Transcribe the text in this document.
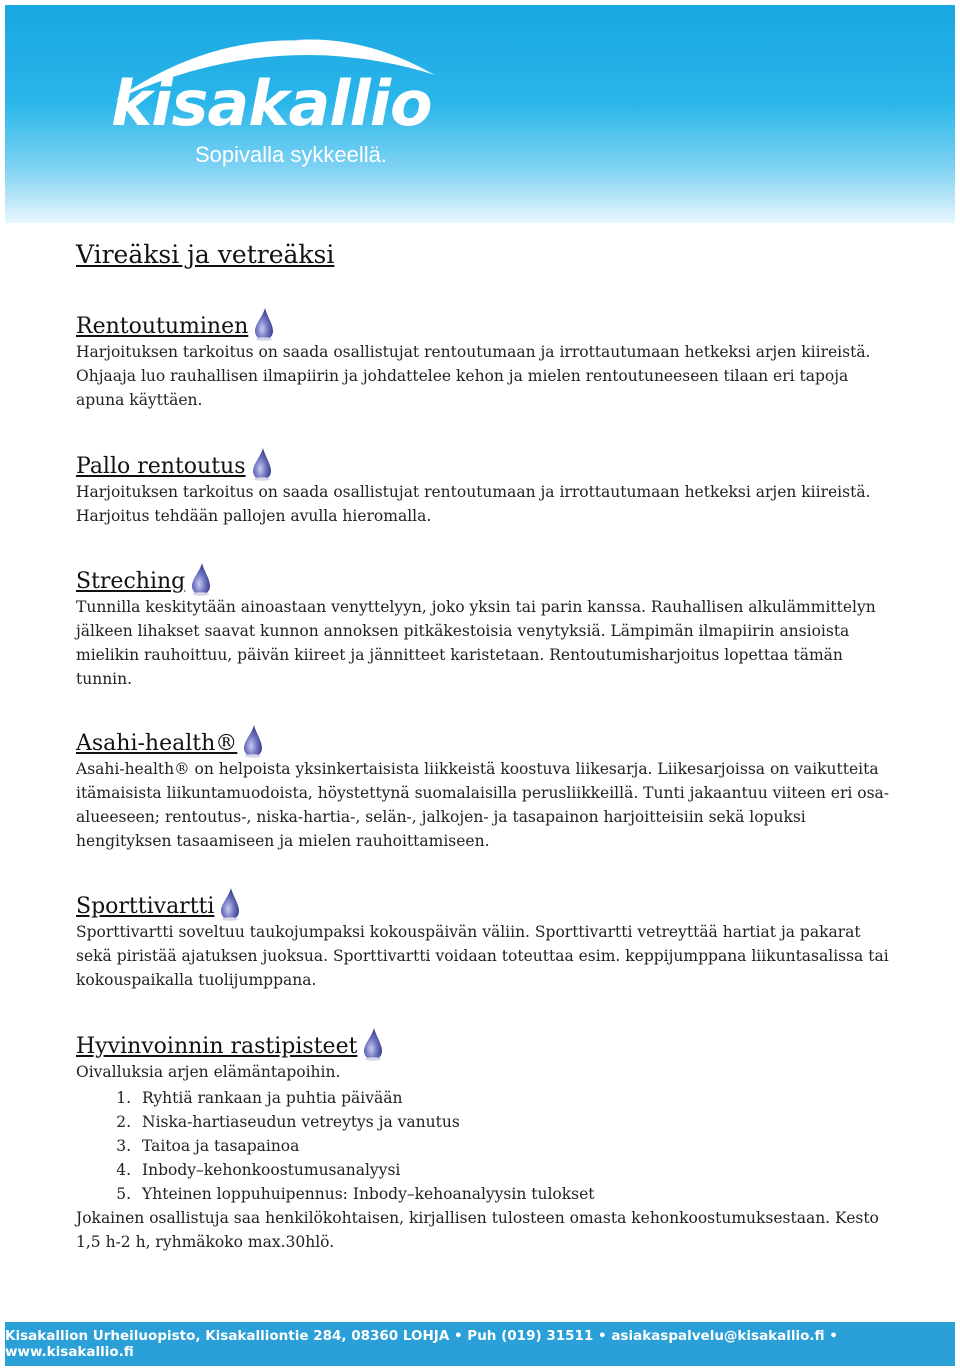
kisakallio
Sopivalla sykkeellä.
Vireäksi ja vetreäksi
Rentoutuminen

Harjoituksen tarkoitus on saada osallistujat rentoutumaan ja irrottautumaan hetkeksi arjen kiireistä. Ohjaaja luo rauhallisen ilmapiirin ja johdattelee kehon ja mielen rentoutuneeseen tilaan eri tapoja apuna käyttäen.

Pallo rentoutus

Harjoituksen tarkoitus on saada osallistujat rentoutumaan ja irrottautumaan hetkeksi arjen kiireistä. Harjoitus tehdään pallojen avulla hieromalla.

Streching

Tunnilla keskitytään ainoastaan venyttelyyn, joko yksin tai parin kanssa. Rauhallisen alkulämmittelyn jälkeen lihakset saavat kunnon annoksen pitkäkestoisia venytyksiä. Lämpimän ilmapiirin ansioista mielikin rauhoittuu, päivän kiireet ja jännitteet karistetaan. Rentoutumisharjoitus lopettaa tämän tunnin.

Asahi-health®

Asahi-health® on helpoista yksinkertaisista liikkeistä koostuva liikesarja. Liikesarjoissa on vaikutteita itämaisista liikuntamuodoista, höystettynä suomalaisilla perusliikkeillä. Tunti jakaantuu viiteen eri osa-alueeseen; rentoutus-, niska-hartia-, selän-, jalkojen- ja tasapainon harjoitteisiin sekä lopuksi hengityksen tasaamiseen ja mielen rauhoittamiseen.

Sporttivartti

Sporttivartti soveltuu taukojumpaksi kokouspäivän väliin. Sporttivartti vetreyttää hartiat ja pakarat sekä piristää ajatuksen juoksua. Sporttivartti voidaan toteuttaa esim. keppijumppana liikuntasalissa tai kokouspaikalla tuolijumppana.

Hyvinvoinnin rastipisteet

Oivalluksia arjen elämäntapoihin.

1. Ryhtiä rankaan ja puhtia päivään
2. Niska-hartiaseudun vetreytys ja vanutus
3. Taitoa ja tasapainoa
4. Inbody–kehonkoostumusanalyysi
5. Yhteinen loppuhuipennus: Inbody–kehoanalyysin tulokset

Jokainen osallistuja saa henkilökohtaisen, kirjallisen tulosteen omasta kehonkoostumuksestaan. Kesto 1,5 h-2 h, ryhmäkoko max.30hlö.

Kisakallion Urheiluopisto, Kisakalliontie 284, 08360 LOHJA • Puh (019) 31511 • asiakaspalvelu@kisakallio.fi • www.kisakallio.fi
